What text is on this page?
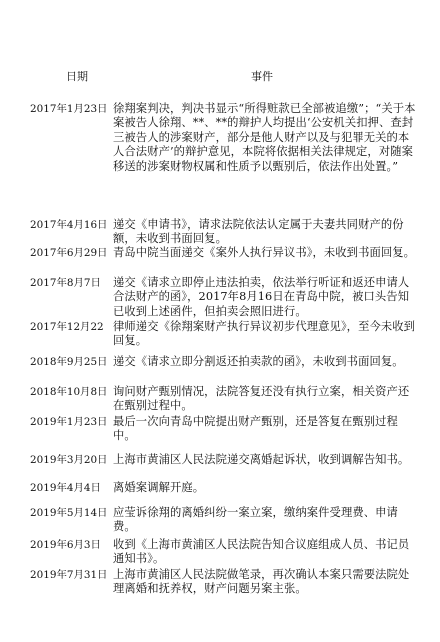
日期	事件
2017年1月23日 徐翔案判决，判决书显示“所得赃款已全部被追缴”；“关于本案被告人徐翔、**、**的辩护人均提出‘公安机关扣押、查封三被告人的涉案财产，部分是他人财产以及与犯罪无关的本人合法财产’的辩护意见，本院将依据相关法律规定，对随案移送的涉案财物权属和性质予以甄别后，依法作出处置。”
2017年4月16日 递交《申请书》，请求法院依法认定属于夫妻共同财产的份额，未收到书面回复。
2017年6月29日 青岛中院当面递交《案外人执行异议书》，未收到书面回复。
2017年8月7日	递交《请求立即停止违法拍卖，依法举行听证和返还申请人合法财产的函》，2017年8月16日在青岛中院，被口头告知已收到上述函件，但拍卖会照旧进行。
2017年12月22 律师递交《徐翔案财产执行异议初步代理意见》，至今未收到回复。
2018年9月25日 递交《请求立即分割返还拍卖款的函》，未收到书面回复。
2018年10月8日 询问财产甄别情况，法院答复还没有执行立案，相关资产还在甄别过程中。
2019年1月23日 最后一次向青岛中院提出财产甄别，还是答复在甄别过程中。
2019年3月20日 上海市黄浦区人民法院递交离婚起诉状，收到调解告知书。
2019年4月4日	离婚案调解开庭。
2019年5月14日 应莹诉徐翔的离婚纠纷一案立案，缴纳案件受理费、申请费。
2019年6月3日	收到《上海市黄浦区人民法院告知合议庭组成人员、书记员通知书》。
2019年7月31日 上海市黄浦区人民法院做笔录，再次确认本案只需要法院处理离婚和抚养权，财产问题另案主张。
